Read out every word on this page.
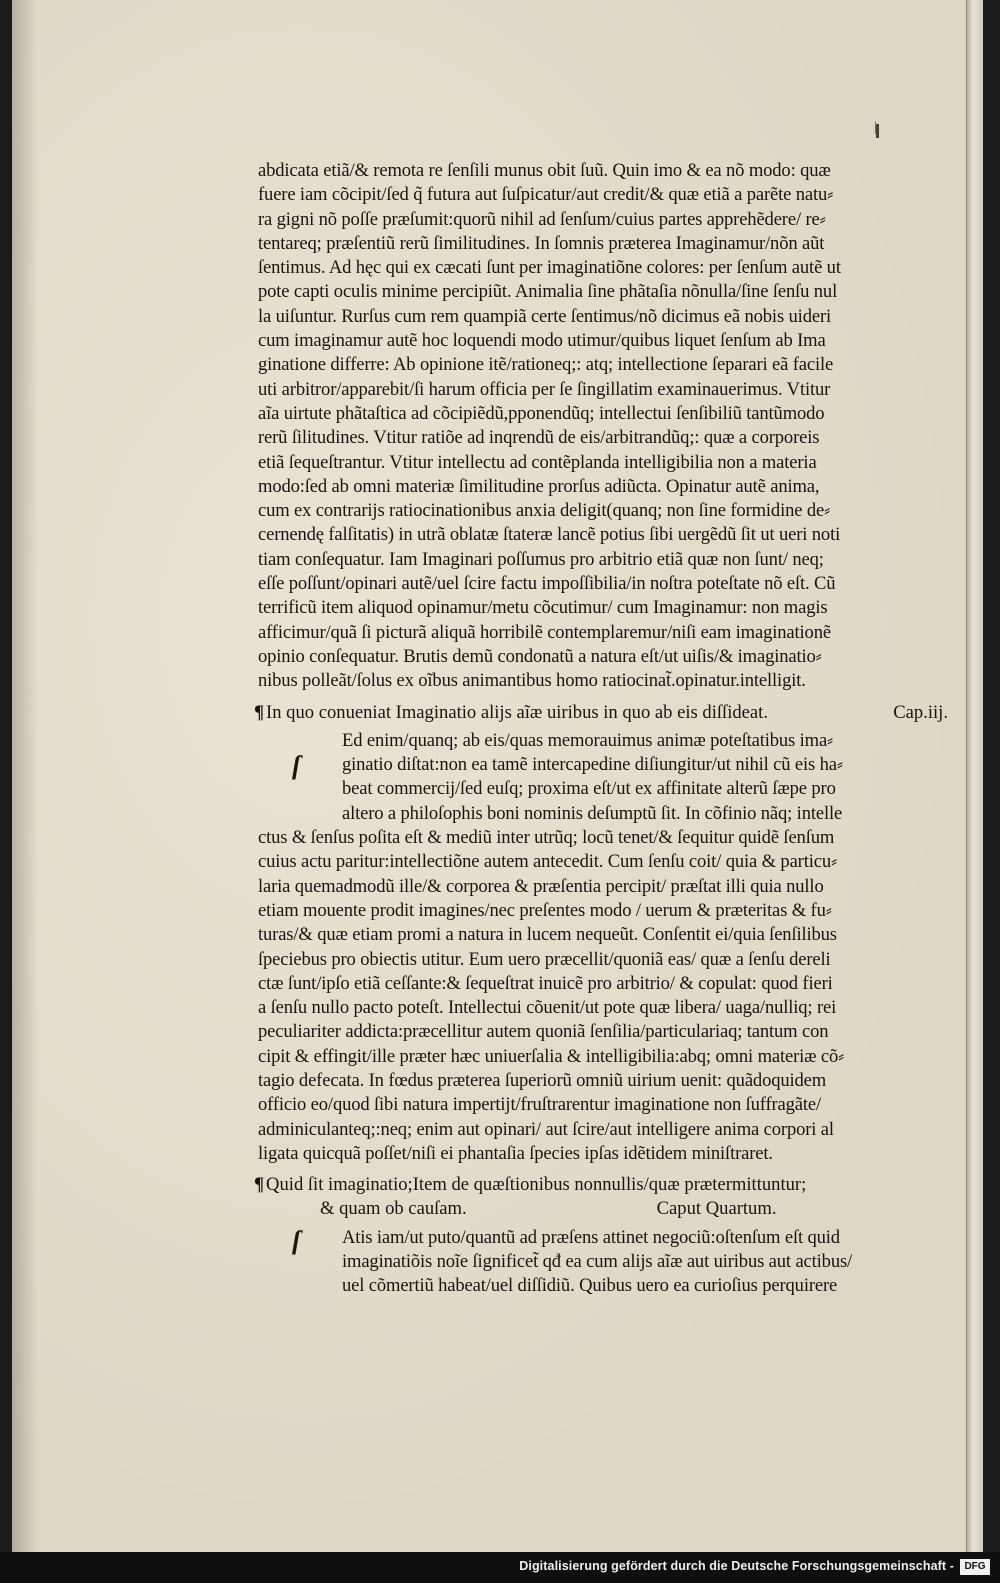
|
abdicata etiã/& remota re ſenſili munus obit ſuũ. Quin imo & ea nõ modo: quæ
fuere iam cõcipit/ſed q̃ futura aut ſuſpicatur/aut credit/& quæ etiã a parẽte natu⸗
ra gigni nõ poſſe præſumit:quorũ nihil ad ſenſum/cuius partes apprehẽdere/ re⸗
tentareq; præſentiũ rerũ ſimilitudines. In ſomnis præterea Imaginamur/nõn aũt
ſentimus. Ad hęc qui ex cæcati ſunt per imaginatiõne colores: per ſenſum autẽ ut
pote capti oculis minime percipiũt. Animalia ſine phãtaſia nõnulla/ſine ſenſu nul
la uiſuntur. Rurſus cum rem quampiã certe ſentimus/nõ dicimus eã nobis uideri
cum imaginamur autẽ hoc loquendi modo utimur/quibus liquet ſenſum ab Ima
ginatione differre: Ab opinione itẽ/rationeq;: atq; intellectione ſeparari eã facile
uti arbitror/apparebit/ſi harum officia per ſe ſingillatim examinauerimus. Vtitur
aĩa uirtute phãtaſtica ad cõcipiẽdũ,pponendũq; intellectui ſenſibiliũ tantũmodo
rerũ ſilitudines. Vtitur ratiõe ad inqrendũ de eis/arbitrandũq;: quæ a corporeis
etiã ſequeſtrantur. Vtitur intellectu ad contẽplanda intelligibilia non a materia
modo:ſed ab omni materiæ ſimilitudine prorſus adiũcta. Opinatur autẽ anima,
cum ex contrarijs ratiocinationibus anxia deligit(quanq; non ſine formidine de⸗
cernendę falſitatis) in utrã oblatæ ſtateræ lancẽ potius ſibi uergẽdũ ſit ut ueri noti
tiam conſequatur. Iam Imaginari poſſumus pro arbitrio etiã quæ non ſunt/ neq;
eſſe poſſunt/opinari autẽ/uel ſcire factu impoſſibilia/in noſtra poteſtate nõ eſt. Cũ
terrificũ item aliquod opinamur/metu cõcutimur/ cum Imaginamur: non magis
afficimur/quã ſi picturã aliquã horribilẽ contemplaremur/niſi eam imaginationẽ
opinio conſequatur. Brutis demũ condonatũ a natura eſt/ut uiſis/& imaginatio⸗
nibus polleãt/ſolus ex oĩbus animantibus homo ratiocinat̃.opinatur.intelligit.
¶ In quo conueniat Imaginatio alijs aĩæ uiribus in quo ab eis diſſideat.	Cap.iij.
ſ
Ed enim/quanq; ab eis/quas memorauimus animæ poteſtatibus ima⸗
ginatio diſtat:non ea tamẽ intercapedine diſiungitur/ut nihil cũ eis ha⸗
beat commercij/ſed euſq; proxima eſt/ut ex affinitate alterũ ſæpe pro
altero a philoſophis boni nominis deſumptũ ſit. In cõfinio nãq; intelle
ctus & ſenſus poſita eſt & mediũ inter utrũq; locũ tenet/& ſequitur quidẽ ſenſum
cuius actu paritur:intellectiõne autem antecedit. Cum ſenſu coit/ quia & particu⸗
laria quemadmodũ ille/& corporea & præſentia percipit/ præſtat illi quia nullo
etiam mouente prodit imagines/nec preſentes modo / uerum & præteritas & fu⸗
turas/& quæ etiam promi a natura in lucem nequeũt. Conſentit ei/quia ſenſilibus
ſpeciebus pro obiectis utitur. Eum uero præcellit/quoniã eas/ quæ a ſenſu dereli
ctæ ſunt/ipſo etiã ceſſante:& ſequeſtrat inuicẽ pro arbitrio/ & copulat: quod fieri
a ſenſu nullo pacto poteſt. Intellectui cõuenit/ut pote quæ libera/ uaga/nulliq; rei
peculiariter addicta:præcellitur autem quoniã ſenſilia/particulariaq; tantum con
cipit & effingit/ille præter hæc uniuerſalia & intelligibilia:abq; omni materiæ cõ⸗
tagio defecata. In fœdus præterea ſuperiorũ omniũ uirium uenit: quãdoquidem
officio eo/quod ſibi natura impertijt/fruſtrarentur imaginatione non ſuffragãte/
adminiculanteq;:neq; enim aut opinari/ aut ſcire/aut intelligere anima corpori al
ligata quicquã poſſet/niſi ei phantaſia ſpecies ipſas idẽtidem miniſtraret.
¶ Quid ſit imaginatio;Item de quæſtionibus nonnullis/quæ prætermittuntur;
& quam ob cauſam.	Caput Quartum.
ſ Atis iam/ut puto/quantũ ad præſens attinet negociũ:oſtenſum eſt quid
imaginatiõis noĩe ſignificet̃ qđ ea cum alijs aĩæ aut uiribus aut actibus/
uel cõmertiũ habeat/uel diſſidiũ. Quibus uero ea curioſius perquirere
Digitalisierung gefördert durch die Deutsche Forschungsgemeinschaft -	DFG
